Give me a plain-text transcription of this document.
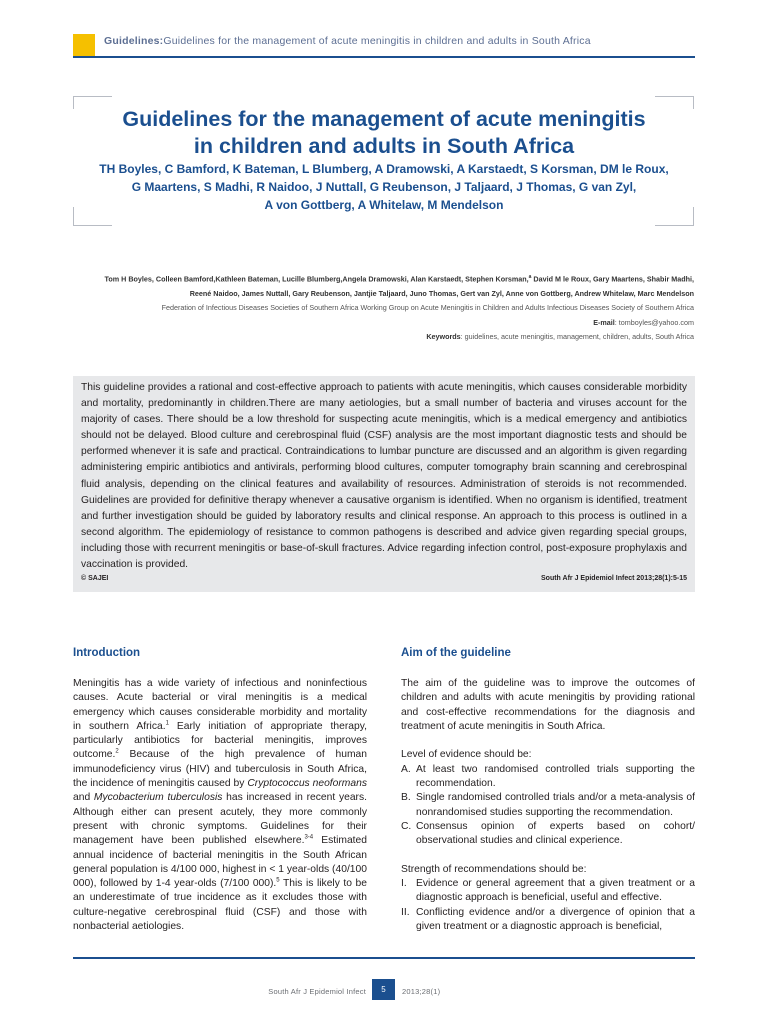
Guidelines:Guidelines for the management of acute meningitis in children and adults in South Africa
Guidelines for the management of acute meningitis
in children and adults in South Africa
TH Boyles, C Bamford, K Bateman, L Blumberg, A Dramowski, A Karstaedt, S Korsman, DM le Roux,
G Maartens, S Madhi, R Naidoo, J Nuttall, G Reubenson, J Taljaard, J Thomas, G van Zyl,
A von Gottberg, A Whitelaw, M Mendelson
Tom H Boyles, Colleen Bamford,Kathleen Bateman, Lucille Blumberg,Angela Dramowski, Alan Karstaedt, Stephen Korsman,$^a$ David M le Roux, Gary Maartens, Shabir Madhi,
Reené Naidoo, James Nuttall, Gary Reubenson, Jantjie Taljaard, Juno Thomas, Gert van Zyl, Anne von Gottberg, Andrew Whitelaw, Marc Mendelson
Federation of Infectious Diseases Societies of Southern Africa Working Group on Acute Meningitis in Children and Adults Infectious Diseases Society of Southern Africa
E-mail: tomboyles@yahoo.com
Keywords: guidelines, acute meningitis, management, children, adults, South Africa
This guideline provides a rational and cost-effective approach to patients with acute meningitis, which causes considerable morbidity and mortality, predominantly in children.There are many aetiologies, but a small number of bacteria and viruses account for the majority of cases. There should be a low threshold for suspecting acute meningitis, which is a medical emergency and antibiotics should not be delayed. Blood culture and cerebrospinal fluid (CSF) analysis are the most important diagnostic tests and should be performed whenever it is safe and practical. Contraindications to lumbar puncture are discussed and an algorithm is given regarding administering empiric antibiotics and antivirals, performing blood cultures, computer tomography brain scanning and cerebrospinal fluid analysis, depending on the clinical features and availability of resources. Administration of steroids is not recommended. Guidelines are provided for definitive therapy whenever a causative organism is identified. When no organism is identified, treatment and further investigation should be guided by laboratory results and clinical response. An approach to this process is outlined in a second algorithm. The epidemiology of resistance to common pathogens is described and advice given regarding special groups, including those with recurrent meningitis or base-of-skull fractures. Advice regarding infection control, post-exposure prophylaxis and vaccination is provided.
© SAJEI	South Afr J Epidemiol Infect 2013;28(1):5-15
Introduction
Meningitis has a wide variety of infectious and noninfectious causes. Acute bacterial or viral meningitis is a medical emergency which causes considerable morbidity and mortality in southern Africa.$^1$ Early initiation of appropriate therapy, particularly antibiotics for bacterial meningitis, improves outcome.$^2$ Because of the high prevalence of human immunodeficiency virus (HIV) and tuberculosis in South Africa, the incidence of meningitis caused by Cryptococcus neoformans and Mycobacterium tuberculosis has increased in recent years. Although either can present acutely, they more commonly present with chronic symptoms. Guidelines for their management have been published elsewhere.$^{3-4}$ Estimated annual incidence of bacterial meningitis in the South African general population is 4/100 000, highest in < 1 year-olds (40/100 000), followed by 1-4 year-olds (7/100 000).$^5$ This is likely to be an underestimate of true incidence as it excludes those with culture-negative cerebrospinal fluid (CSF) and those with nonbacterial aetiologies.
Aim of the guideline

The aim of the guideline was to improve the outcomes of children and adults with acute meningitis by providing rational and cost-effective recommendations for the diagnosis and treatment of acute meningitis in South Africa.

Level of evidence should be:

A. At least two randomised controlled trials supporting the recommendation.
B. Single randomised controlled trials and/or a meta-analysis of nonrandomised studies supporting the recommendation.
C. Consensus opinion of experts based on cohort/ observational studies and clinical experience.

Strength of recommendations should be:

I. Evidence or general agreement that a given treatment or a diagnostic approach is beneficial, useful and effective.
II. Conflicting evidence and/or a divergence of opinion that a given treatment or a diagnostic approach is beneficial,
South Afr J Epidemiol Infect	5	2013;28(1)
